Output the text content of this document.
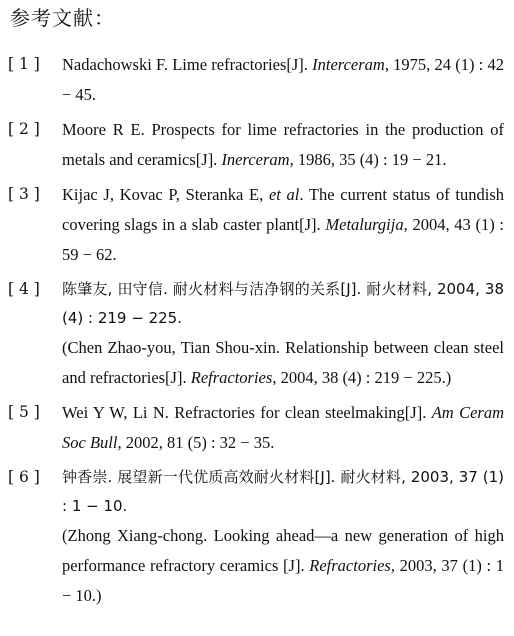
参考文献：
[ 1 ] Nadachowski F. Lime refractories[J]. Interceram, 1975, 24 (1) : 42 − 45.

[ 2 ] Moore R E. Prospects for lime refractories in the production of metals and ceramics[J]. Inerceram, 1986, 35 (4) : 19 − 21.

[ 3 ] Kijac J, Kovac P, Steranka E, et al. The current status of tundish covering slags in a slab caster plant[J]. Metalurgija, 2004, 43 (1) : 59 − 62.

[ 4 ] 陈肇友, 田守信. 耐火材料与洁净钢的关系[J]. 耐火材料, 2004, 38 (4) : 219 − 225.

(Chen Zhao-you, Tian Shou-xin. Relationship between clean steel and refractories[J]. Refractories, 2004, 38 (4) : 219 − 225.)

[ 5 ] Wei Y W, Li N. Refractories for clean steelmaking[J]. Am Ceram Soc Bull, 2002, 81 (5) : 32 − 35.

[ 6 ] 钟香崇. 展望新一代优质高效耐火材料[J]. 耐火材料, 2003, 37 (1) : 1 − 10.

(Zhong Xiang-chong. Looking ahead—a new generation of high performance refractory ceramics [J]. Refractories, 2003, 37 (1) : 1 − 10.)
